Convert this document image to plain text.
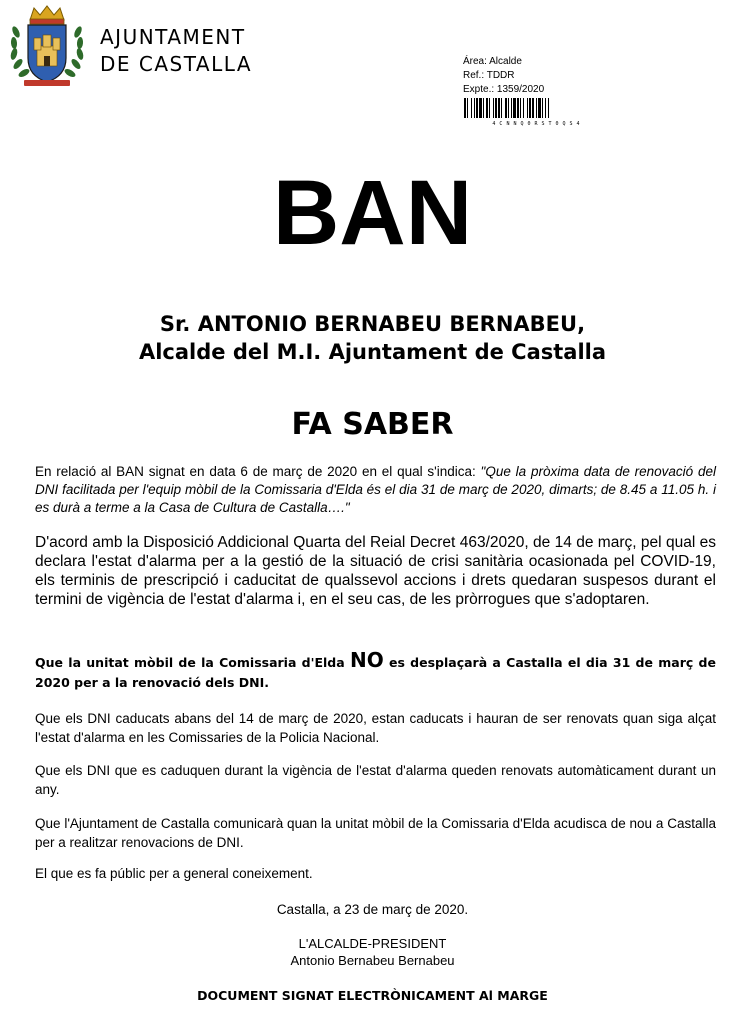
AJUNTAMENT
DE CASTALLA	Área: Alcalde
Ref.: TDDR
Expte.: 1359/2020
4CNNQ0RST0QS4
BAN
Sr. ANTONIO BERNABEU BERNABEU,
Alcalde del M.I. Ajuntament de Castalla
FA SABER
En relació al BAN signat en data 6 de març de 2020 en el qual s'indica: "Que la pròxima data de renovació del DNI facilitada per l'equip mòbil de la Comissaria d'Elda és el dia 31 de març de 2020, dimarts; de 8.45 a 11.05 h. i es durà a terme a la Casa de Cultura de Castalla…."
D'acord amb la Disposició Addicional Quarta del Reial Decret 463/2020, de 14 de març, pel qual es declara l'estat d'alarma per a la gestió de la situació de crisi sanitària ocasionada pel COVID-19, els terminis de prescripció i caducitat de qualssevol accions i drets quedaran suspesos durant el termini de vigència de l'estat d'alarma i, en el seu cas, de les pròrrogues que s'adoptaren.
Que la unitat mòbil de la Comissaria d'Elda NO es desplaçarà a Castalla el dia 31 de març de 2020 per a la renovació dels DNI.
Que els DNI caducats abans del 14 de març de 2020, estan caducats i hauran de ser renovats quan siga alçat l'estat d'alarma en les Comissaries de la Policia Nacional.
Que els DNI que es caduquen durant la vigència de l'estat d'alarma queden renovats automàticament durant un any.
Que l'Ajuntament de Castalla comunicarà quan la unitat mòbil de la Comissaria d'Elda acudisca de nou a Castalla per a realitzar renovacions de DNI.
El que es fa públic per a general coneixement.
Castalla, a 23 de març de 2020.
L'ALCALDE-PRESIDENT
Antonio Bernabeu Bernabeu
DOCUMENT SIGNAT ELECTRÒNICAMENT Al MARGE
